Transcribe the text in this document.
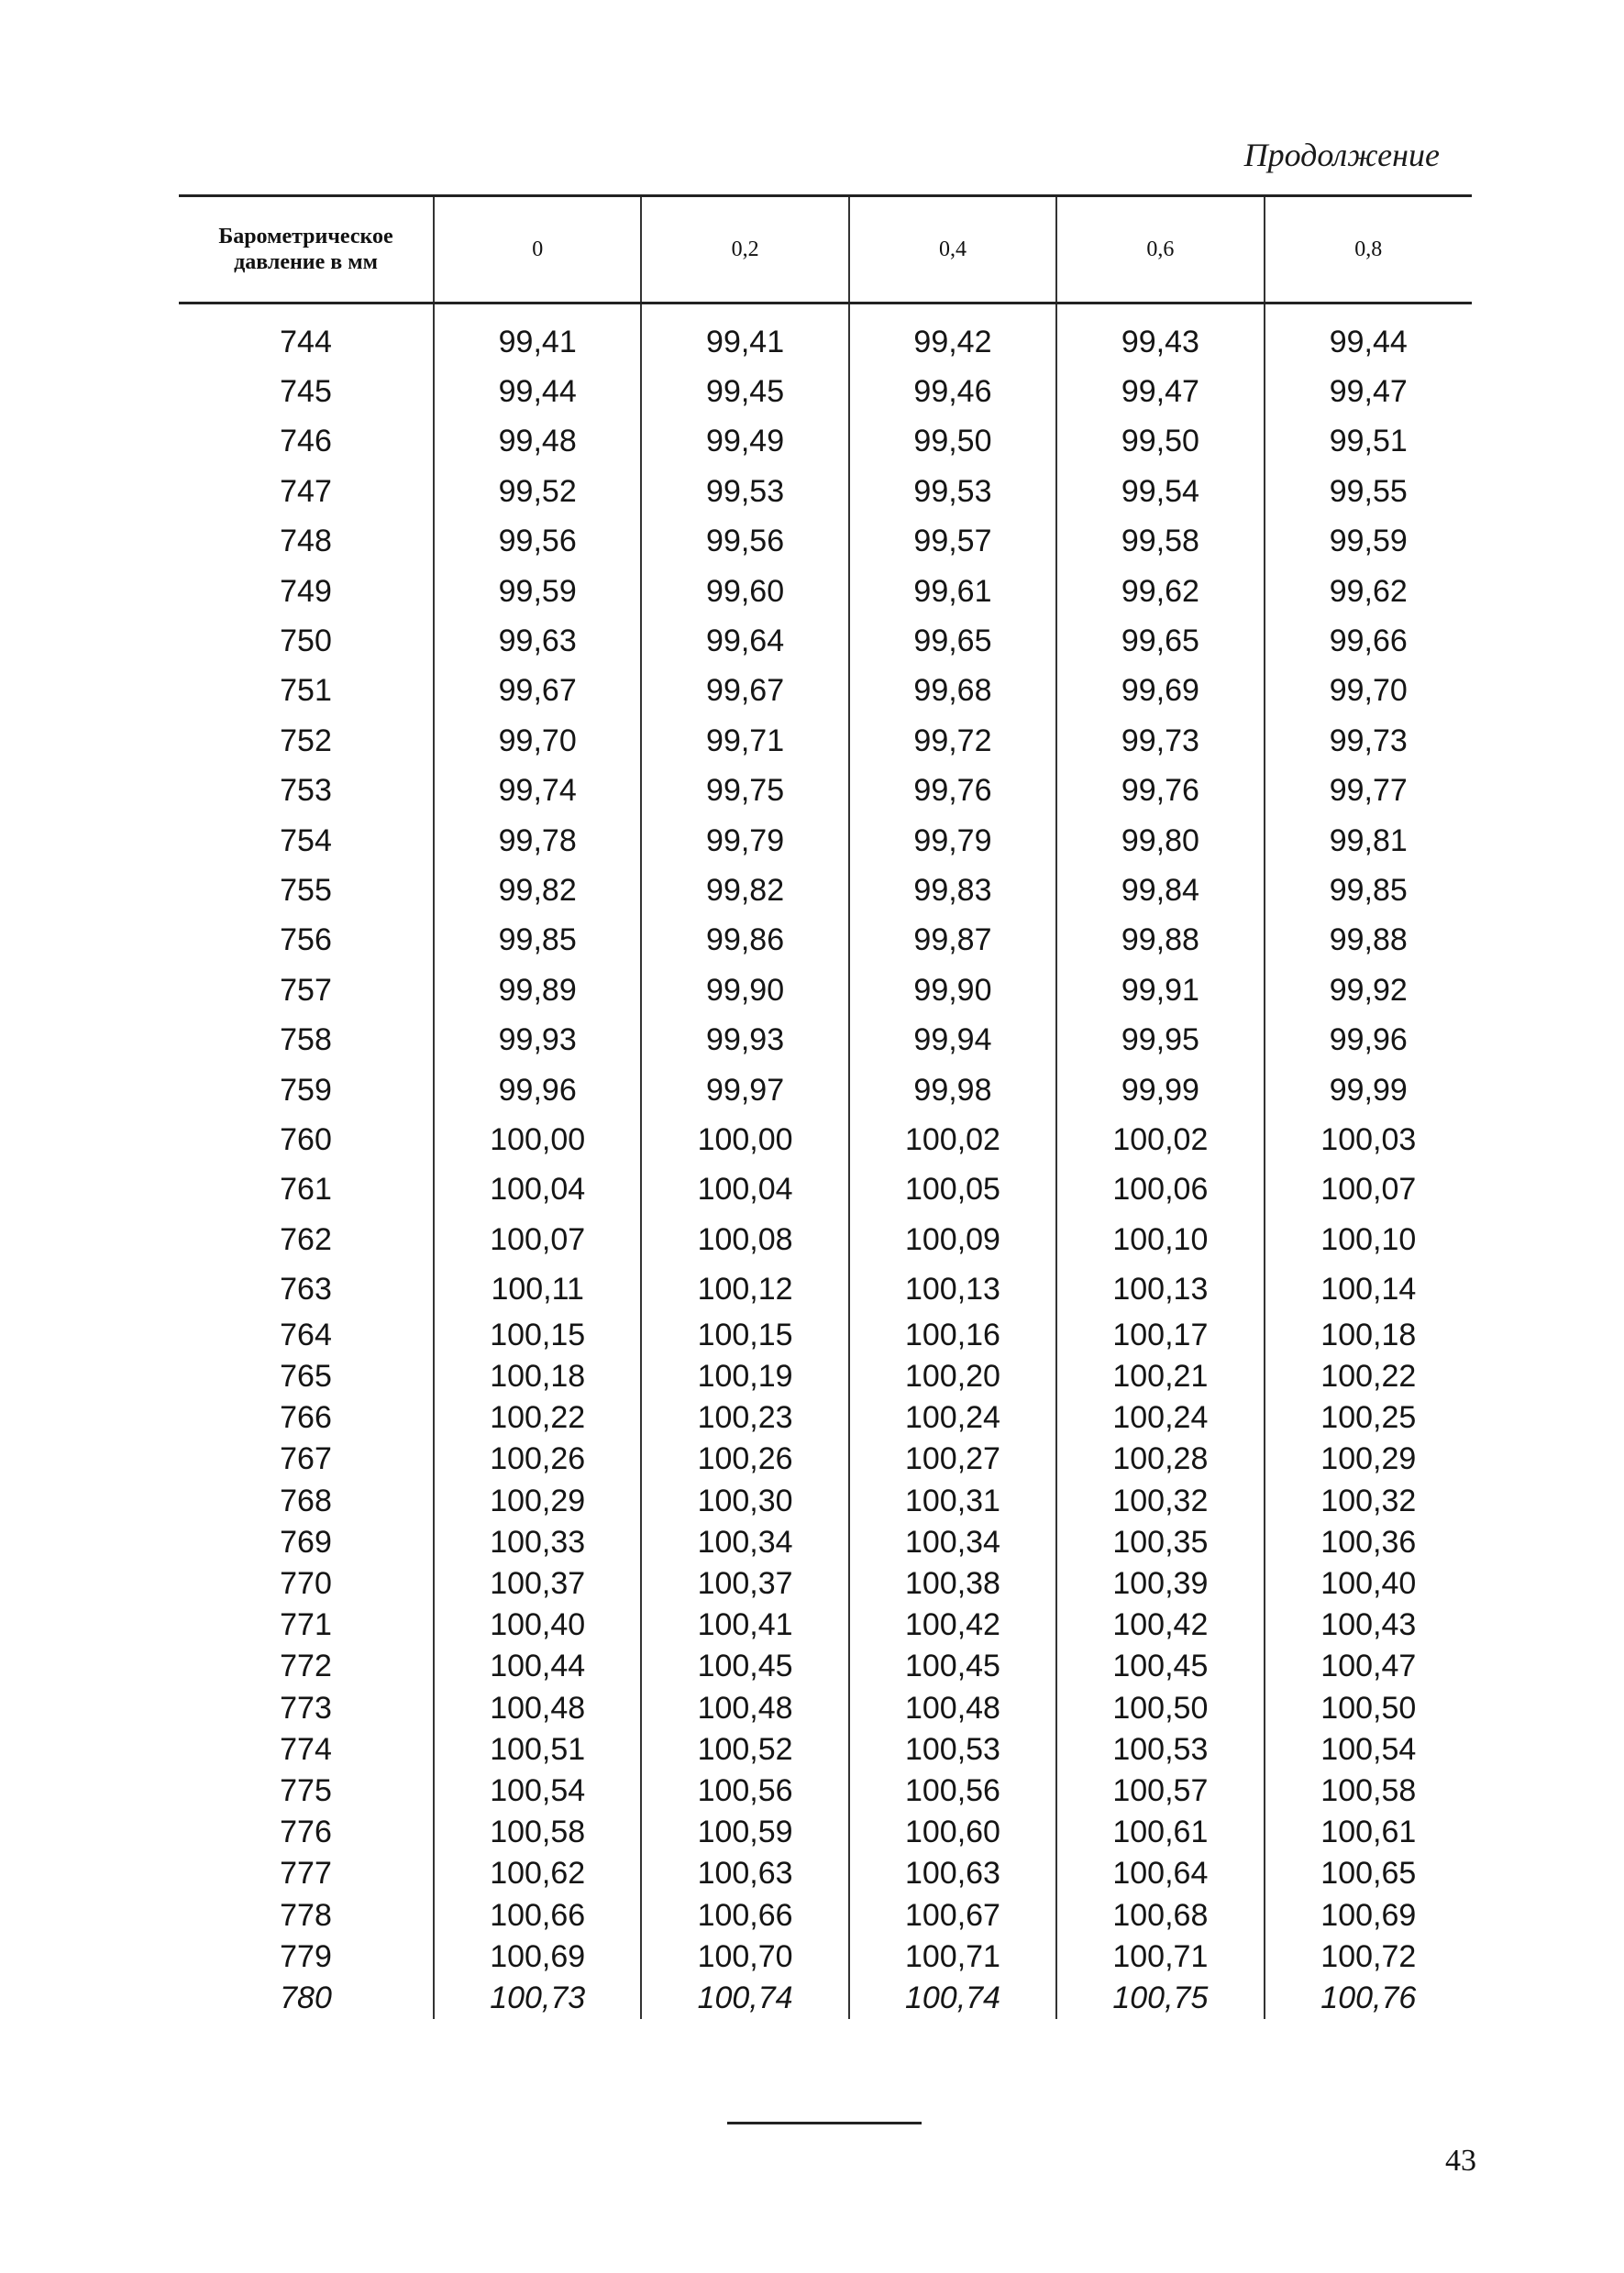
Продолжение
Барометрическое давление в мм	0	0,2	0,4	0,6	0,8
744	99,41	99,41	99,42	99,43	99,44
745	99,44	99,45	99,46	99,47	99,47
746	99,48	99,49	99,50	99,50	99,51
747	99,52	99,53	99,53	99,54	99,55
748	99,56	99,56	99,57	99,58	99,59
749	99,59	99,60	99,61	99,62	99,62
750	99,63	99,64	99,65	99,65	99,66
751	99,67	99,67	99,68	99,69	99,70
752	99,70	99,71	99,72	99,73	99,73
753	99,74	99,75	99,76	99,76	99,77
754	99,78	99,79	99,79	99,80	99,81
755	99,82	99,82	99,83	99,84	99,85
756	99,85	99,86	99,87	99,88	99,88
757	99,89	99,90	99,90	99,91	99,92
758	99,93	99,93	99,94	99,95	99,96
759	99,96	99,97	99,98	99,99	99,99
760	100,00	100,00	100,02	100,02	100,03
761	100,04	100,04	100,05	100,06	100,07
762	100,07	100,08	100,09	100,10	100,10
763	100,11	100,12	100,13	100,13	100,14
764	100,15	100,15	100,16	100,17	100,18
765	100,18	100,19	100,20	100,21	100,22
766	100,22	100,23	100,24	100,24	100,25
767	100,26	100,26	100,27	100,28	100,29
768	100,29	100,30	100,31	100,32	100,32
769	100,33	100,34	100,34	100,35	100,36
770	100,37	100,37	100,38	100,39	100,40
771	100,40	100,41	100,42	100,42	100,43
772	100,44	100,45	100,45	100,45	100,47
773	100,48	100,48	100,48	100,50	100,50
774	100,51	100,52	100,53	100,53	100,54
775	100,54	100,56	100,56	100,57	100,58
776	100,58	100,59	100,60	100,61	100,61
777	100,62	100,63	100,63	100,64	100,65
778	100,66	100,66	100,67	100,68	100,69
779	100,69	100,70	100,71	100,71	100,72
780	100,73	100,74	100,74	100,75	100,76
43
